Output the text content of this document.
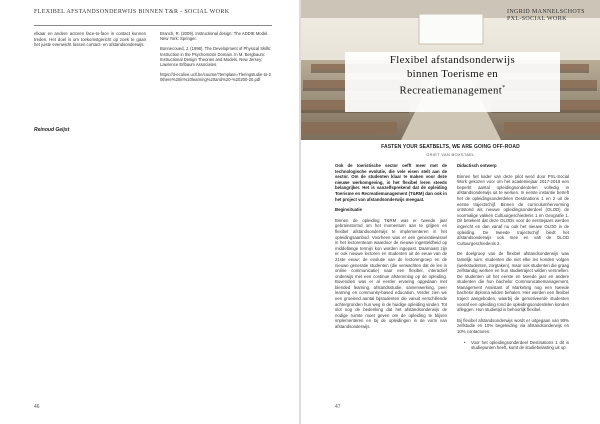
FLEXIBEL AFSTANDSONDERWIJS BINNEN T&R - SOCIAL WORK

elkaar en andere actoren face-to-face in contact kunnen treden. Het doel is om toekomstgericht op zoek te gaan het juiste evenwicht tussen contact- en afstandsonderwijs.

Branch, R. (2009). Instructional design: The ADDIE Model. New York: Springer.

Bonnecoued, J. (1998). The Development of Physical Skills: Instruction in the Psychomotor Domain. In M. Bergbaum: Instructional Design Theories and Models. New Jersey: Lawrence Erlbaum Associates.

https://d-ecolive.ucll.be/course/?template=Tleringstudie-to-20there%20in%20learning%20and%20-%20200-20.pdf

Reinoud Geijst
46
INGRID MANNELSCHOTS
PXL-SOCIAL WORK
Flexibel afstandsonderwijs
binnen Toerisme en
Recreatiemanagement*
FASTEN YOUR SEATBELTS, WE ARE GOING OFF-ROAD
GRIET VAN BOXSTAEL

Ook de toeristische sector oefft meer met de technologische evolutie, die vele eisen stelt aan de sector. Om de studenten klaar te maken voor deze nieuwe werkomgeving, is het flexibel leren steeds belangrijker. Het is vanzelfsprekend dat de opleiding Toerisme en Recreatiemanagement (T&RM) dan ook in het project van afstandsonderwijs meegaat.

Beginsituatie

Binnen de opleiding T&RM was er tweede jaar gebrainstormd om het momentum aan te grijpen en flexibel afstandsonderwijs te implementeren in het opleidingsaanbod. Voorheen was er een generatiewissel in het lectorenteam waardoor de nieuwe ingesteldheid op middellange termijn kon worden ingepast. Daarnaast zijn er ook nieuwe lectoren en studenten uit de eeuw van de 21ste eeuw: de evolutie van de lectorengroep en de nieuwe generatie studenten (die verwachten dat de les in online communicatie) naar een flexibel, interactief onderwijs met een continue afstemming op de opleiding. Bovendien was er al eerder ervaring opgedaan met blended learning, afstandsstudie, samenwerking, peer learning en community-based education. Verder zien we een groeiend aantal bijstudenten die vanuit verschillende achtergronden hun weg in de huidige opleiding vinden. Tot slot nog de bedenking dat het afstandsonderwijs de nodige ruimte moet geven om de opleiding te blijven implementeren en bij de opleidingen in de vorm van afstandsonderwijs.

Didactisch ontwerp

Binnen het kader van deze pilot werd door PXL-Social Work gekozen voor om het academiejaar 2017-2018 een beperkt aantal opleidingsonderdelen volledig in afstandsonderwijs uit te werken. In eerste instantie betreft het de opleidingsonderdelen Destinations 1 en 2 uit de eerste trajectschijf. Binnen de curriculumhervorming ontstond als nieuwe opleidingsonderdeel (OLOD) de voormalige vakken Cultuurgeschiedenis 1 en Geografie 1. Dit betekent dat deze OLODs voor de eerstejaars werden ingericht en dan vanaf nu ook het nieuwe OLOD in de opleiding. De tweede trajectschijf biedt het afstandsonderwijs ook mee en valt de OLOD Cultuurgeschiedenis 2.

De doelgroep van de flexibel afstandsonderwijs was tamelijk ruim: studenten die niet elke les konden volgen (werkstudenten, zorgtaken), maar ook studenten die graag zelfstandig werken en hun studietraject wilden versnellen. De studenten uit het eerste en tweede jaar en andere studenten die hun bachelor Communicatiemanagement, Management Assistant of Marketing nog een tweede bachelor diploma wilden behalen. Hier werden een flexibel traject aangeboden, waarbij de gemotiveerde studenten vooraf een opleiding rond de opleidingsonderdelen konden afleggen. Hun studietijd is behoorlijk flexibel.

Bij flexibel afstandsonderwijs wordt er uitgegaan van 90% zelfstudie en 10% begeleiding via afstandsonderwijs en 10% contacturen.

• Voor het opleidingsonderdeel Destinations 1 dit is studiepunten heeft, komt de studiebelasting uit op

47
